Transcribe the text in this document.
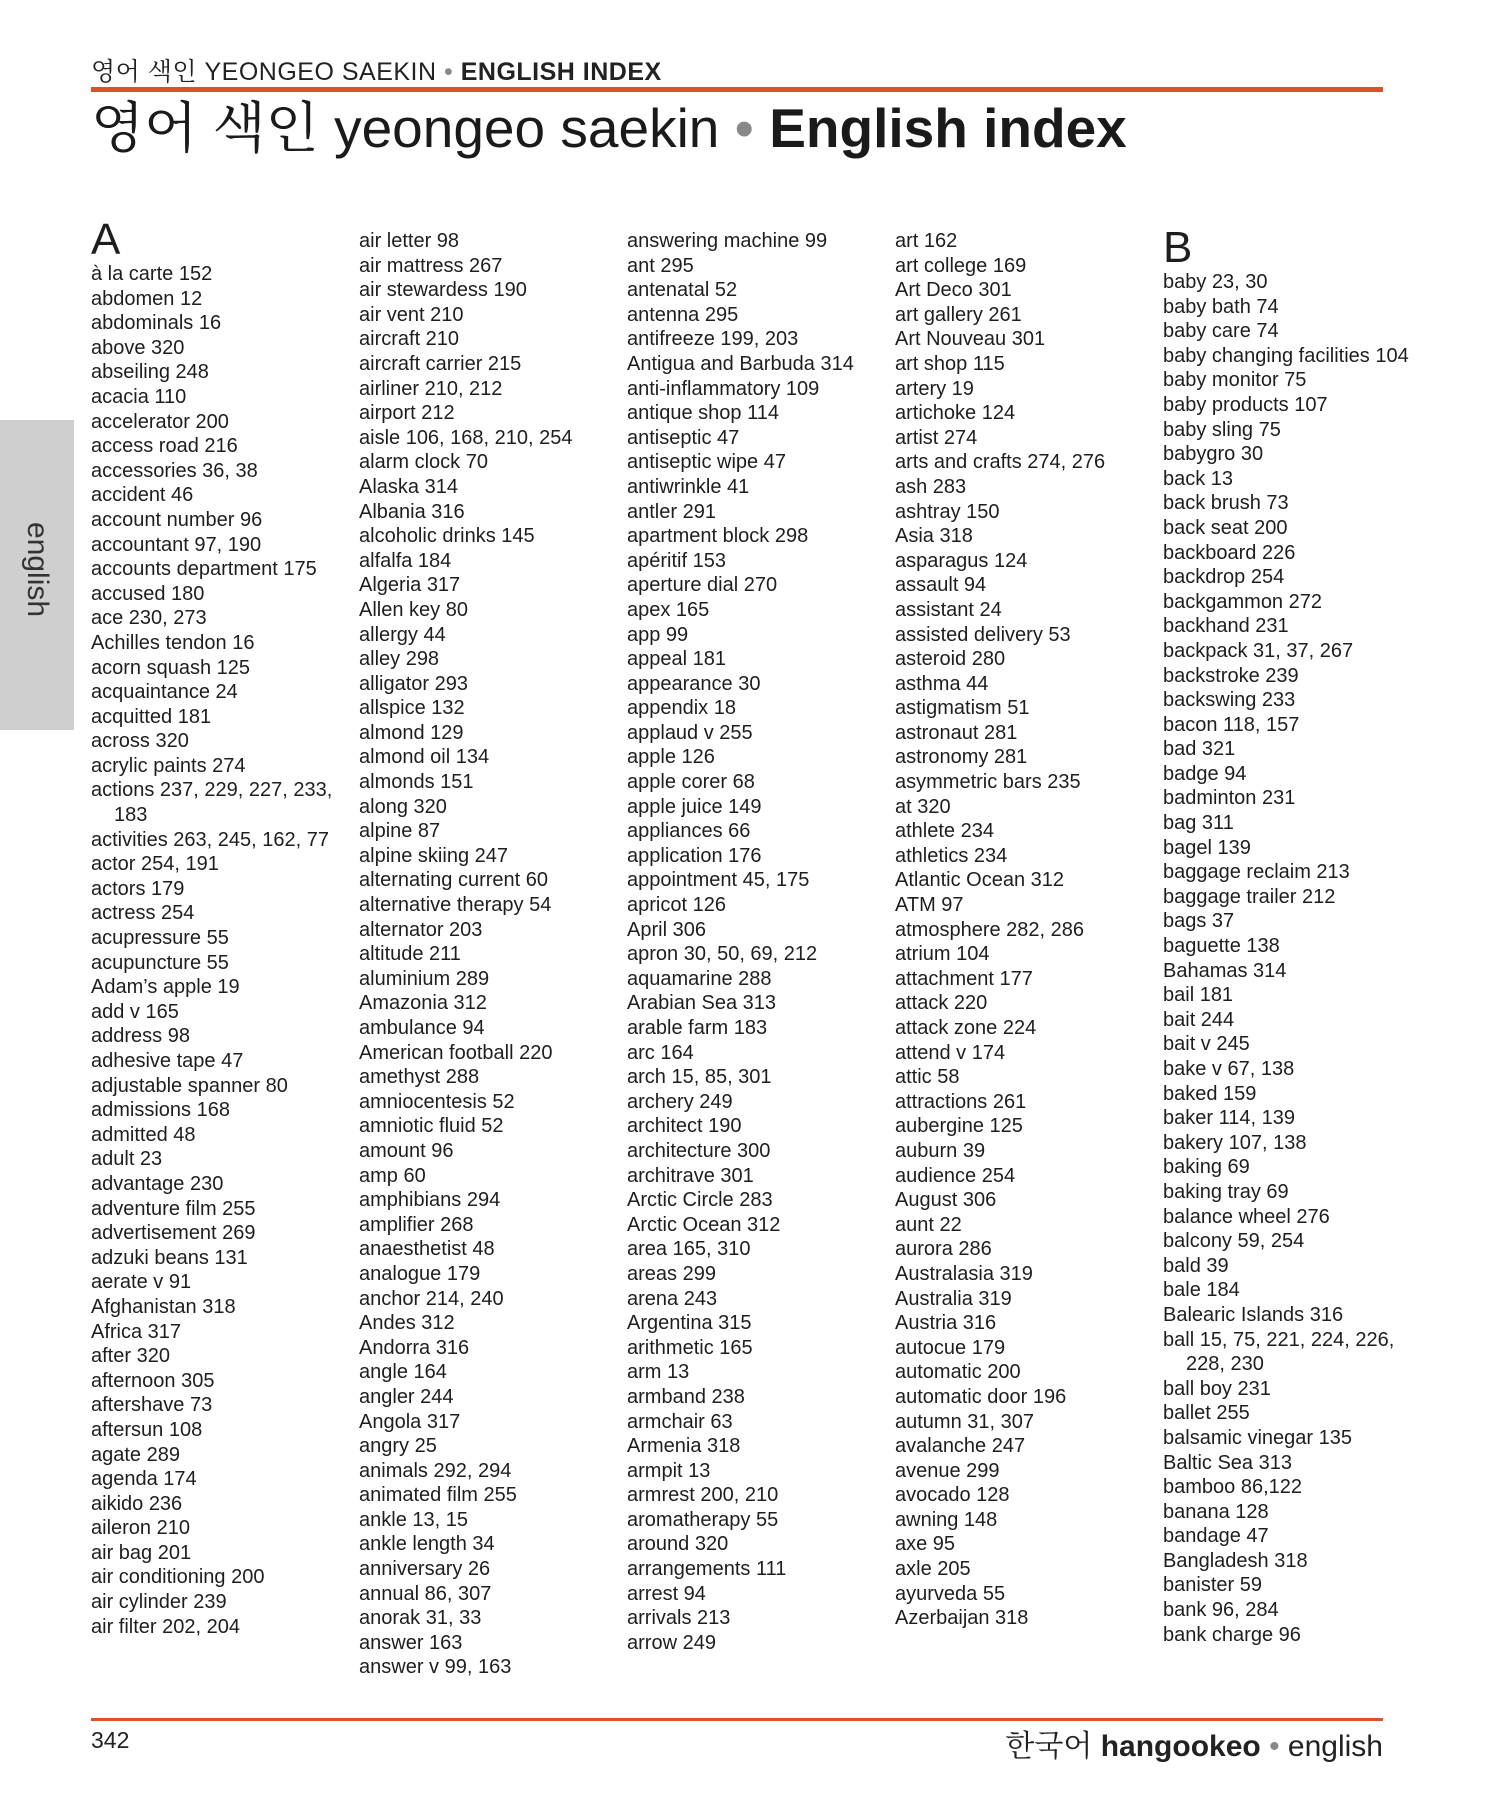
영어 색인 YEONGEO SAEKIN • ENGLISH INDEX
영어 색인 yeongeo saekin • English index
english
A
à la carte 152
abdomen 12
abdominals 16
above 320
abseiling 248
acacia 110
accelerator 200
access road 216
accessories 36, 38
accident 46
account number 96
accountant 97, 190
accounts department 175
accused 180
ace 230, 273
Achilles tendon 16
acorn squash 125
acquaintance 24
acquitted 181
across 320
acrylic paints 274
actions 237, 229, 227, 233, 183
activities 263, 245, 162, 77
actor 254, 191
actors 179
actress 254
acupressure 55
acupuncture 55
Adam’s apple 19
add v 165
address 98
adhesive tape 47
adjustable spanner 80
admissions 168
admitted 48
adult 23
advantage 230
adventure film 255
advertisement 269
adzuki beans 131
aerate v 91
Afghanistan 318
Africa 317
after 320
afternoon 305
aftershave 73
aftersun 108
agate 289
agenda 174
aikido 236
aileron 210
air bag 201
air conditioning 200
air cylinder 239
air filter 202, 204
air letter 98
air mattress 267
air stewardess 190
air vent 210
aircraft 210
aircraft carrier 215
airliner 210, 212
airport 212
aisle 106, 168, 210, 254
alarm clock 70
Alaska 314
Albania 316
alcoholic drinks 145
alfalfa 184
Algeria 317
Allen key 80
allergy 44
alley 298
alligator 293
allspice 132
almond 129
almond oil 134
almonds 151
along 320
alpine 87
alpine skiing 247
alternating current 60
alternative therapy 54
alternator 203
altitude 211
aluminium 289
Amazonia 312
ambulance 94
American football 220
amethyst 288
amniocentesis 52
amniotic fluid 52
amount 96
amp 60
amphibians 294
amplifier 268
anaesthetist 48
analogue 179
anchor 214, 240
Andes 312
Andorra 316
angle 164
angler 244
Angola 317
angry 25
animals 292, 294
animated film 255
ankle 13, 15
ankle length 34
anniversary 26
annual 86, 307
anorak 31, 33
answer 163
answer v 99, 163
answering machine 99
ant 295
antenatal 52
antenna 295
antifreeze 199, 203
Antigua and Barbuda 314
anti-inflammatory 109
antique shop 114
antiseptic 47
antiseptic wipe 47
antiwrinkle 41
antler 291
apartment block 298
apéritif 153
aperture dial 270
apex 165
app 99
appeal 181
appearance 30
appendix 18
applaud v 255
apple 126
apple corer 68
apple juice 149
appliances 66
application 176
appointment 45, 175
apricot 126
April 306
apron 30, 50, 69, 212
aquamarine 288
Arabian Sea 313
arable farm 183
arc 164
arch 15, 85, 301
archery 249
architect 190
architecture 300
architrave 301
Arctic Circle 283
Arctic Ocean 312
area 165, 310
areas 299
arena 243
Argentina 315
arithmetic 165
arm 13
armband 238
armchair 63
Armenia 318
armpit 13
armrest 200, 210
aromatherapy 55
around 320
arrangements 111
arrest 94
arrivals 213
arrow 249
art 162
art college 169
Art Deco 301
art gallery 261
Art Nouveau 301
art shop 115
artery 19
artichoke 124
artist 274
arts and crafts 274, 276
ash 283
ashtray 150
Asia 318
asparagus 124
assault 94
assistant 24
assisted delivery 53
asteroid 280
asthma 44
astigmatism 51
astronaut 281
astronomy 281
asymmetric bars 235
at 320
athlete 234
athletics 234
Atlantic Ocean 312
ATM 97
atmosphere 282, 286
atrium 104
attachment 177
attack 220
attack zone 224
attend v 174
attic 58
attractions 261
aubergine 125
auburn 39
audience 254
August 306
aunt 22
aurora 286
Australasia 319
Australia 319
Austria 316
autocue 179
automatic 200
automatic door 196
autumn 31, 307
avalanche 247
avenue 299
avocado 128
awning 148
axe 95
axle 205
ayurveda 55
Azerbaijan 318
B
baby 23, 30
baby bath 74
baby care 74
baby changing facilities 104
baby monitor 75
baby products 107
baby sling 75
babygro 30
back 13
back brush 73
back seat 200
backboard 226
backdrop 254
backgammon 272
backhand 231
backpack 31, 37, 267
backstroke 239
backswing 233
bacon 118, 157
bad 321
badge 94
badminton 231
bag 311
bagel 139
baggage reclaim 213
baggage trailer 212
bags 37
baguette 138
Bahamas 314
bail 181
bait 244
bait v 245
bake v 67, 138
baked 159
baker 114, 139
bakery 107, 138
baking 69
baking tray 69
balance wheel 276
balcony 59, 254
bald 39
bale 184
Balearic Islands 316
ball 15, 75, 221, 224, 226, 228, 230
ball boy 231
ballet 255
balsamic vinegar 135
Baltic Sea 313
bamboo 86,122
banana 128
bandage 47
Bangladesh 318
banister 59
bank 96, 284
bank charge 96
342	한국어 hangookeo • english
